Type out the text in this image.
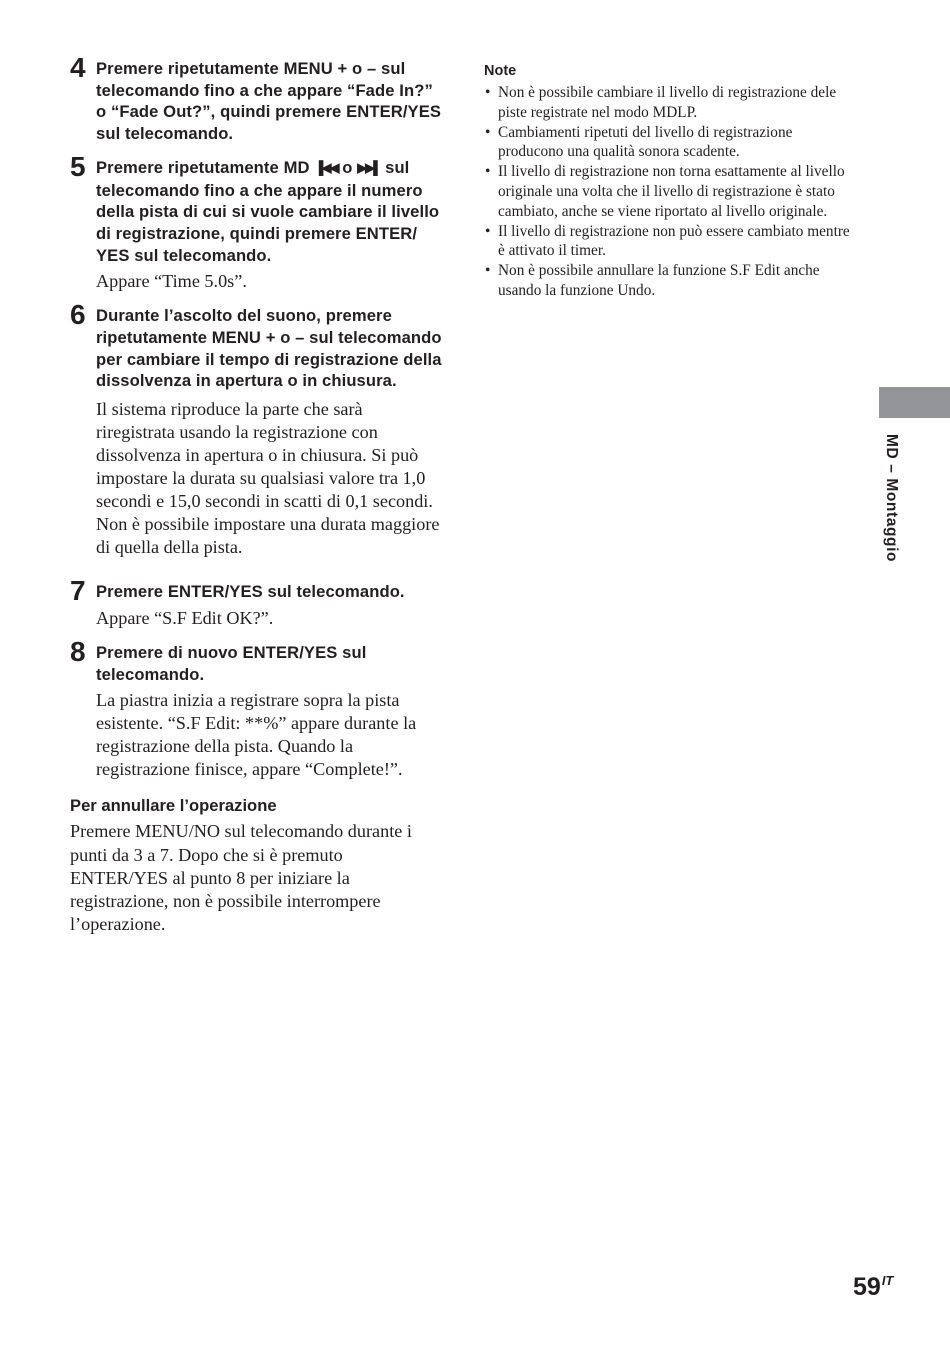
4 Premere ripetutamente MENU + o – sul telecomando fino a che appare “Fade In?” o “Fade Out?”, quindi premere ENTER/YES sul telecomando.
5 Premere ripetutamente MD ▐◀◀ o ▶▶▌ sul telecomando fino a che appare il numero della pista di cui si vuole cambiare il livello di registrazione, quindi premere ENTER/ YES sul telecomando.
Appare “Time 5.0s”.
6 Durante l’ascolto del suono, premere ripetutamente MENU + o – sul telecomando per cambiare il tempo di registrazione della dissolvenza in apertura o in chiusura.
Il sistema riproduce la parte che sarà riregistrata usando la registrazione con dissolvenza in apertura o in chiusura. Si può impostare la durata su qualsiasi valore tra 1,0 secondi e 15,0 secondi in scatti di 0,1 secondi. Non è possibile impostare una durata maggiore di quella della pista.
7 Premere ENTER/YES sul telecomando.
Appare “S.F Edit OK?”.
8 Premere di nuovo ENTER/YES sul telecomando.
La piastra inizia a registrare sopra la pista esistente. “S.F Edit: **%” appare durante la registrazione della pista. Quando la registrazione finisce, appare “Complete!”.
Per annullare l’operazione
Premere MENU/NO sul telecomando durante i punti da 3 a 7. Dopo che si è premuto ENTER/YES al punto 8 per iniziare la registrazione, non è possibile interrompere l’operazione.
Note
• Non è possibile cambiare il livello di registrazione dele piste registrate nel modo MDLP.
• Cambiamenti ripetuti del livello di registrazione producono una qualità sonora scadente.
• Il livello di registrazione non torna esattamente al livello originale una volta che il livello di registrazione è stato cambiato, anche se viene riportato al livello originale.
• Il livello di registrazione non può essere cambiato mentre è attivato il timer.
• Non è possibile annullare la funzione S.F Edit anche usando la funzione Undo.
MD – Montaggio
$59^{IT}$
